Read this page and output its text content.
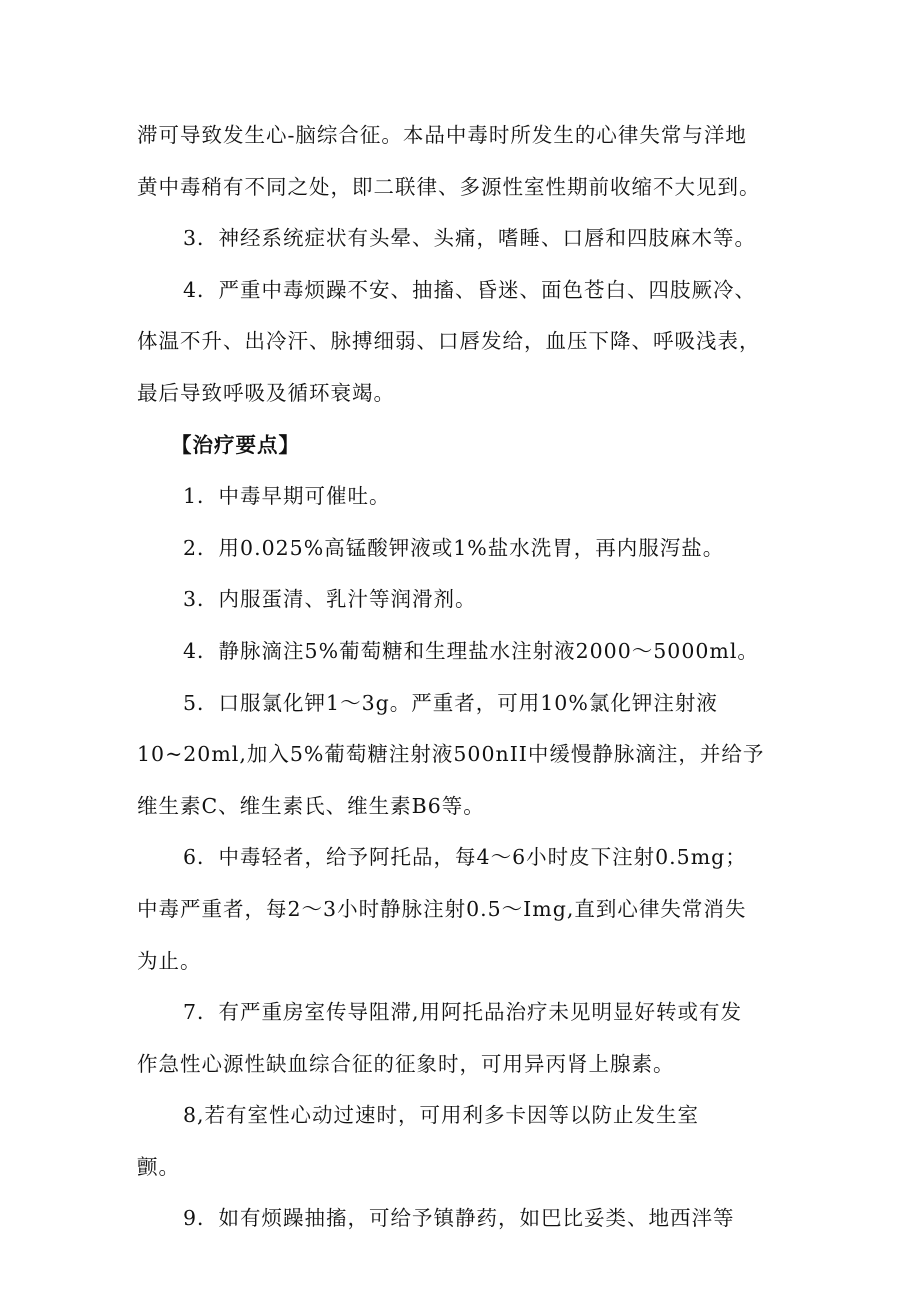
滞可导致发生心-脑综合征。本品中毒时所发生的心律失常与洋地
黄中毒稍有不同之处，即二联律、多源性室性期前收缩不大见到。
3．神经系统症状有头晕、头痛，嗜睡、口唇和四肢麻木等。
4．严重中毒烦躁不安、抽搐、昏迷、面色苍白、四肢厥冷、
体温不升、出冷汗、脉搏细弱、口唇发给，血压下降、呼吸浅表，
最后导致呼吸及循环衰竭。
【治疗要点】
1．中毒早期可催吐。
2．用0.025%高锰酸钾液或1%盐水洗胃，再内服泻盐。
3．内服蛋清、乳汁等润滑剂。
4．静脉滴注5%葡萄糖和生理盐水注射液2000～5000ml。
5．口服氯化钾1～3g。严重者，可用10%氯化钾注射液
10~20ml,加入5%葡萄糖注射液500nII中缓慢静脉滴注，并给予
维生素C、维生素氏、维生素B6等。
6．中毒轻者，给予阿托品，每4～6小时皮下注射0.5mg；
中毒严重者，每2～3小时静脉注射0.5～Img,直到心律失常消失
为止。
7．有严重房室传导阻滞,用阿托品治疗未见明显好转或有发
作急性心源性缺血综合征的征象时，可用异丙肾上腺素。
8,若有室性心动过速时，可用利多卡因等以防止发生室
颤。
9．如有烦躁抽搐，可给予镇静药，如巴比妥类、地西泮等
